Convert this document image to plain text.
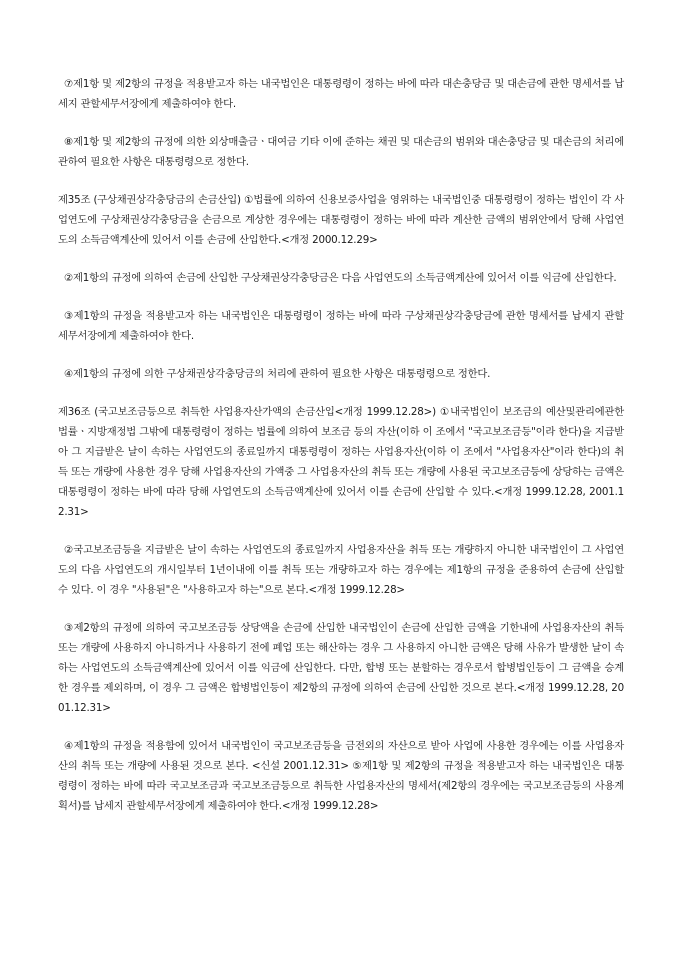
⑦제1항 및 제2항의 규정을 적용받고자 하는 내국법인은 대통령령이 정하는 바에 따라 대손충당금 및 대손금에 관한 명세서를 납세지 관할세무서장에게 제출하여야 한다.

⑧제1항 및 제2항의 규정에 의한 외상매출금ㆍ대여금 기타 이에 준하는 채권 및 대손금의 범위와 대손충당금 및 대손금의 처리에 관하여 필요한 사항은 대통령령으로 정한다.

제35조 (구상채권상각충당금의 손금산입) ①법률에 의하여 신용보증사업을 영위하는 내국법인중 대통령령이 정하는 법인이 각 사업연도에 구상채권상각충당금을 손금으로 계상한 경우에는 대통령령이 정하는 바에 따라 계산한 금액의 범위안에서 당해 사업연도의 소득금액계산에 있어서 이를 손금에 산입한다.<개정 2000.12.29>

②제1항의 규정에 의하여 손금에 산입한 구상채권상각충당금은 다음 사업연도의 소득금액계산에 있어서 이를 익금에 산입한다.

③제1항의 규정을 적용받고자 하는 내국법인은 대통령령이 정하는 바에 따라 구상채권상각충당금에 관한 명세서를 납세지 관할세무서장에게 제출하여야 한다.

④제1항의 규정에 의한 구상채권상각충당금의 처리에 관하여 필요한 사항은 대통령령으로 정한다.

제36조 (국고보조금등으로 취득한 사업용자산가액의 손금산입<개정 1999.12.28>) ①내국법인이 보조금의 예산및관리에관한법률ㆍ지방재정법 그밖에 대통령령이 정하는 법률에 의하여 보조금 등의 자산(이하 이 조에서 "국고보조금등"이라 한다)을 지급받아 그 지급받은 날이 속하는 사업연도의 종료일까지 대통령령이 정하는 사업용자산(이하 이 조에서 "사업용자산"이라 한다)의 취득 또는 개량에 사용한 경우 당해 사업용자산의 가액중 그 사업용자산의 취득 또는 개량에 사용된 국고보조금등에 상당하는 금액은 대통령령이 정하는 바에 따라 당해 사업연도의 소득금액계산에 있어서 이를 손금에 산입할 수 있다.<개정 1999.12.28, 2001.12.31>

②국고보조금등을 지급받은 날이 속하는 사업연도의 종료일까지 사업용자산을 취득 또는 개량하지 아니한 내국법인이 그 사업연도의 다음 사업연도의 개시일부터 1년이내에 이를 취득 또는 개량하고자 하는 경우에는 제1항의 규정을 준용하여 손금에 산입할 수 있다. 이 경우 "사용된"은 "사용하고자 하는"으로 본다.<개정 1999.12.28>

③제2항의 규정에 의하여 국고보조금등 상당액을 손금에 산입한 내국법인이 손금에 산입한 금액을 기한내에 사업용자산의 취득 또는 개량에 사용하지 아니하거나 사용하기 전에 폐업 또는 해산하는 경우 그 사용하지 아니한 금액은 당해 사유가 발생한 날이 속하는 사업연도의 소득금액계산에 있어서 이를 익금에 산입한다. 다만, 합병 또는 분할하는 경우로서 합병법인등이 그 금액을 승계한 경우를 제외하며, 이 경우 그 금액은 합병법인등이 제2항의 규정에 의하여 손금에 산입한 것으로 본다.<개정 1999.12.28, 2001.12.31>

④제1항의 규정을 적용함에 있어서 내국법인이 국고보조금등을 금전외의 자산으로 받아 사업에 사용한 경우에는 이를 사업용자산의 취득 또는 개량에 사용된 것으로 본다. <신설 2001.12.31> ⑤제1항 및 제2항의 규정을 적용받고자 하는 내국법인은 대통령령이 정하는 바에 따라 국고보조금과 국고보조금등으로 취득한 사업용자산의 명세서(제2항의 경우에는 국고보조금등의 사용계획서)를 납세지 관할세무서장에게 제출하여야 한다.<개정 1999.12.28>
